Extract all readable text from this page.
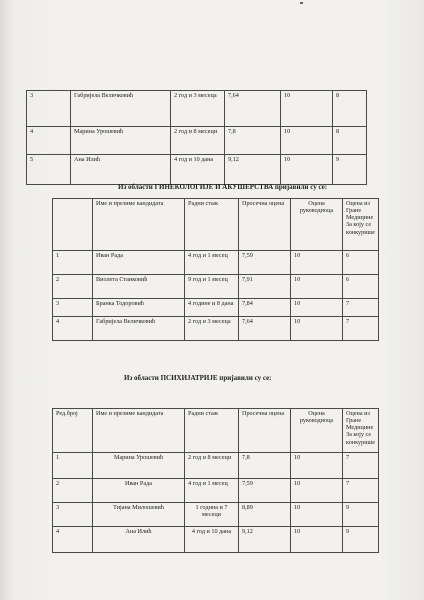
3	Габријела Величковић	2 год и 3 месеца	7,64	10	8
4	Марина Урошевић	2 год и 8 месеци	7,8	10	8
5	Ана Илић	4 год и 10 дана	9,12	10	9
Из области ГИНЕКОЛОГИЈЕ И АКУШЕРСТВА пријавили су се:
	Име и презиме кандидата	Радни стаж	Просечна оцена	Оцена руководиоца	Оцена из Гране Медицине За коју се конкурише
1	Иван Рада	4 год и 1 месец	7,59	10	6
2	Виолета Станковић	9 год и 1 месец	7,91	10	6
3	Бранка Тодоровић	4 године и 8 дана	7,84	10	7
4	Габријела Величковић	2 год и 3 месеца	7,64	10	7
Из области ПСИХИЈАТРИЈЕ пријавили су се:
Ред.број	Име и презиме кандидата	Радни стаж	Просечна оцена	Оцена руководиоца	Оцена из Гране Медицине За коју се конкурише
1	Марина Урошевић	2 год и 8 месеци	7,8	10	7
2	Иван Рада	4 год и 1 месец	7,59	10	7
3	Тијана Милошевић	1 година и 7 месеци	8,89	10	9
4	Ана Илић	4 год и 10 дана	9,12	10	9
